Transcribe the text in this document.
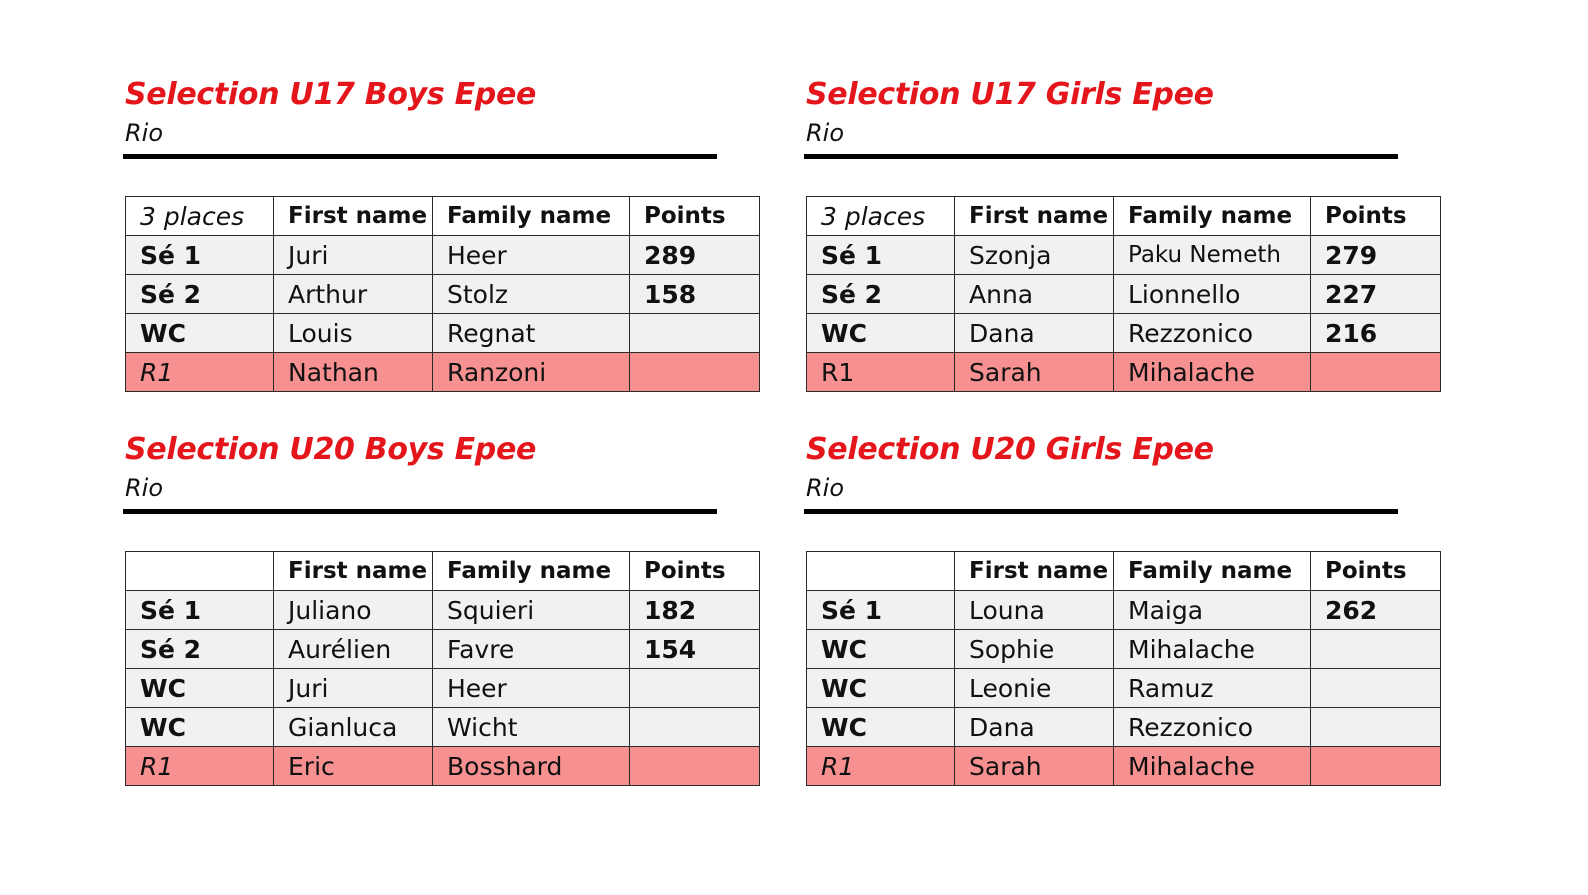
Selection U17 Boys Epee
Rio
3 places	First name	Family name	Points
Sé 1	Juri	Heer	289
Sé 2	Arthur	Stolz	158
WC	Louis	Regnat	
R1	Nathan	Ranzoni	
Selection U17 Girls Epee
Rio
3 places	First name	Family name	Points
Sé 1	Szonja	Paku Nemeth	279
Sé 2	Anna	Lionnello	227
WC	Dana	Rezzonico	216
R1	Sarah	Mihalache	
Selection U20 Boys Epee
Rio
	First name	Family name	Points
Sé 1	Juliano	Squieri	182
Sé 2	Aurélien	Favre	154
WC	Juri	Heer	
WC	Gianluca	Wicht	
R1	Eric	Bosshard	
Selection U20 Girls Epee
Rio
	First name	Family name	Points
Sé 1	Louna	Maiga	262
WC	Sophie	Mihalache	
WC	Leonie	Ramuz	
WC	Dana	Rezzonico	
R1	Sarah	Mihalache	
